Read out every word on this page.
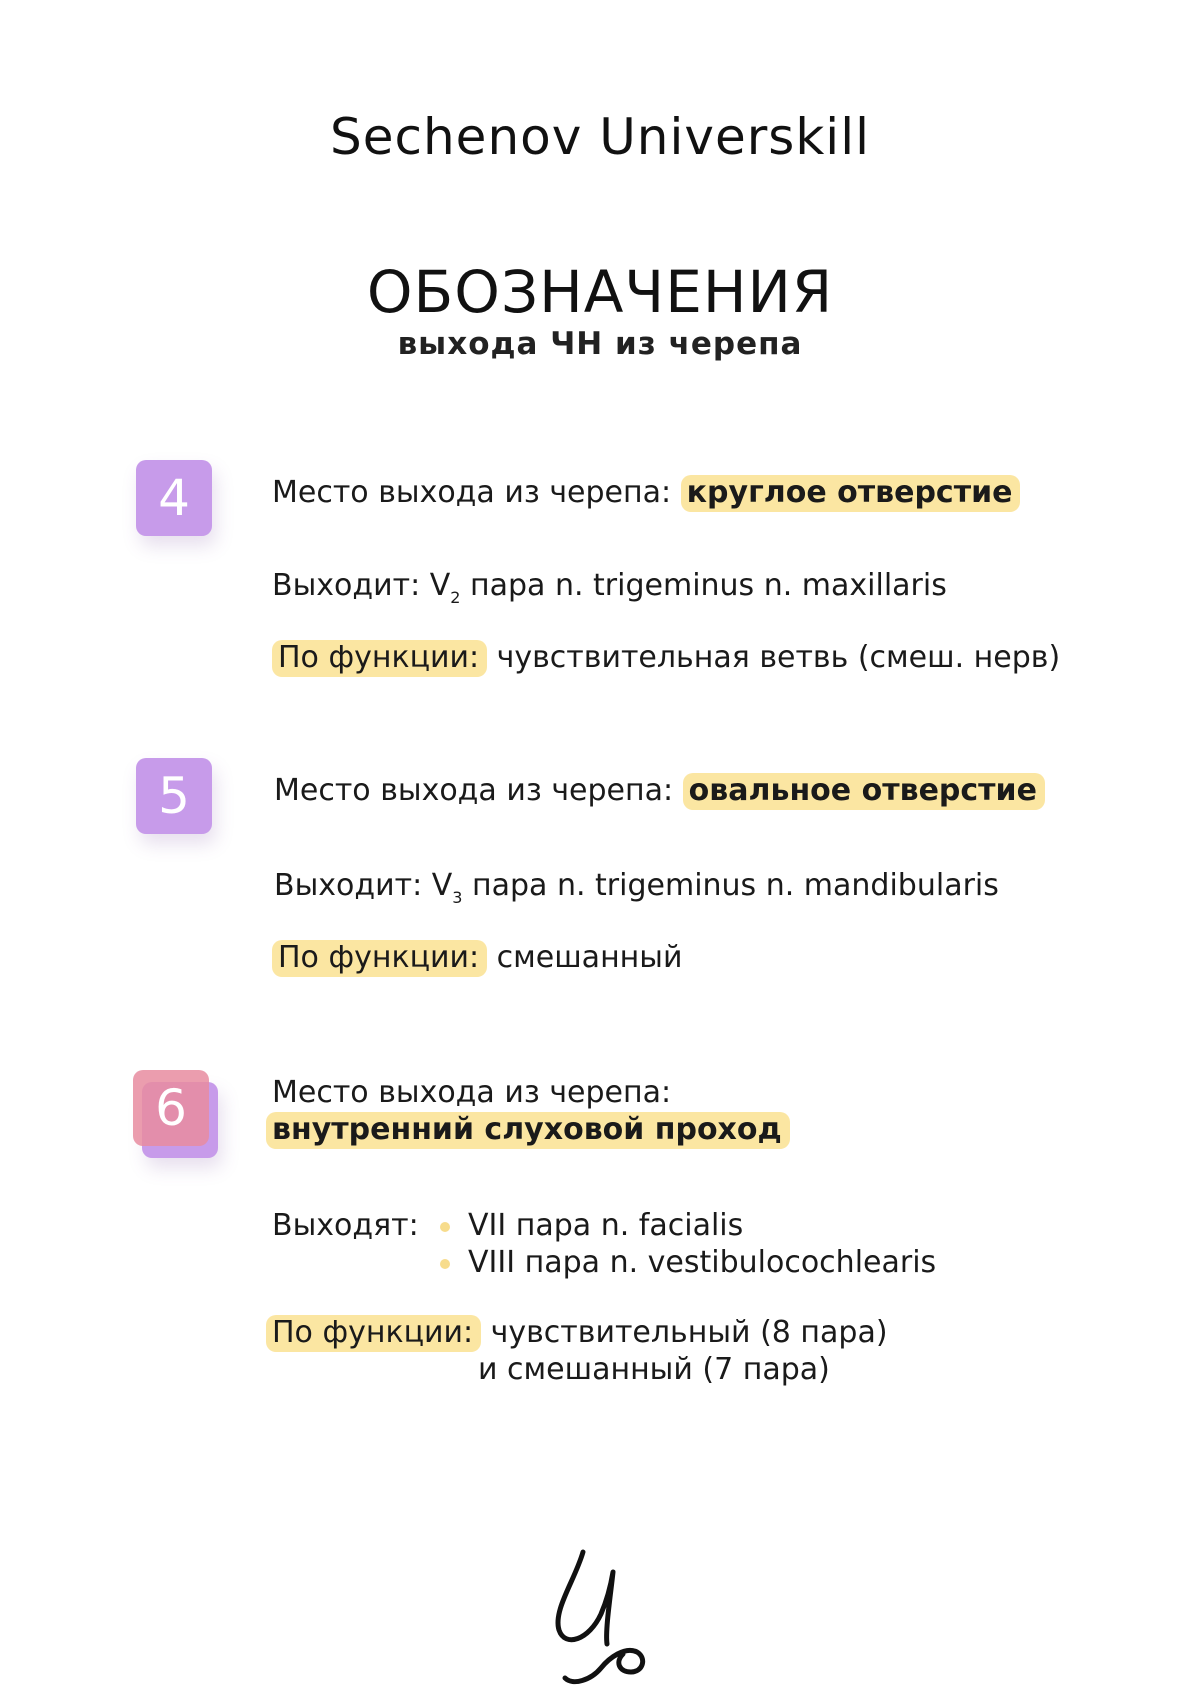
Sechenov Universkill
ОБОЗНАЧЕНИЯ
выхода ЧН из черепа
4	Место выхода из черепа: круглое отверстие
Выходит: $V_2$ пара n. trigeminus n. maxillaris
По функции: чувствительная ветвь (смеш. нерв)
5	Место выхода из черепа: овальное отверстие
Выходит: $V_3$ пара n. trigeminus n. mandibularis
По функции: смешанный
6	Место выхода из черепа:
внутренний слуховой проход
Выходят:	VII пара n. facialis
VIII пара n. vestibulocochlearis
По функции: чувствительный (8 пара)
и смешанный (7 пара)
